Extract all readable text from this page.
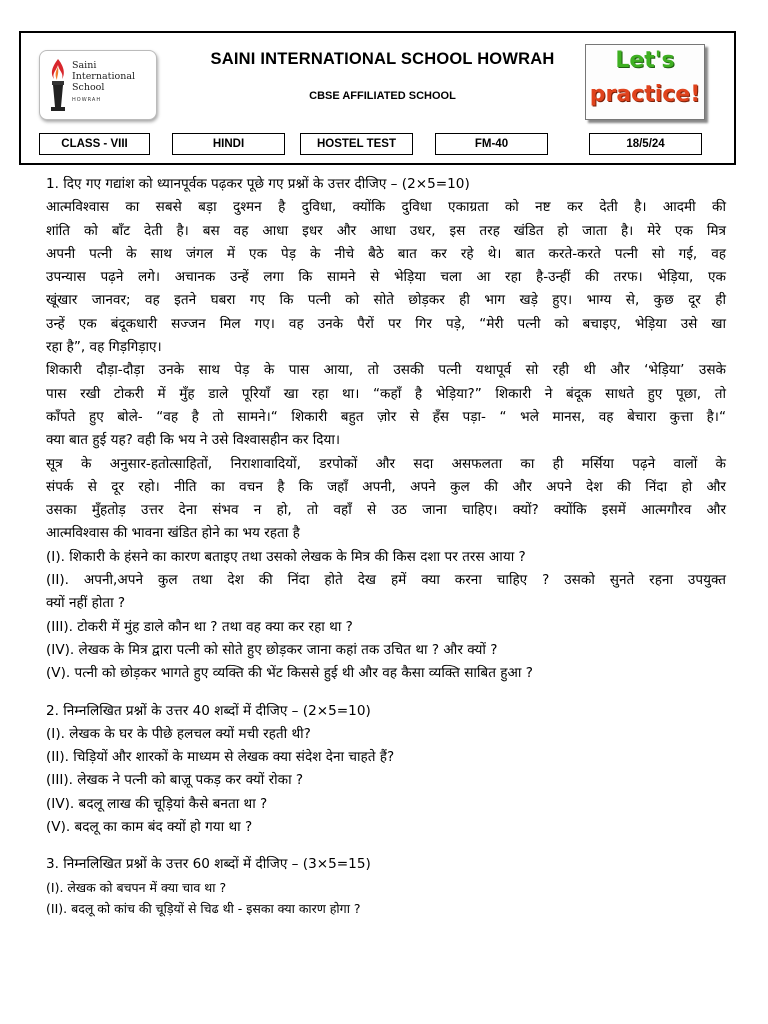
Saini
International
School
HOWRAH
SAINI INTERNATIONAL SCHOOL HOWRAH
CBSE AFFILIATED SCHOOL
Let's
practice!
CLASS - VIII	HINDI	HOSTEL TEST	FM-40	18/5/24
1. दिए गए गद्यांश को ध्यानपूर्वक पढ़कर पूछे गए प्रश्नों के उत्तर दीजिए – (2×5=10)
आत्मविश्वास का सबसे बड़ा दुश्मन है दुविधा, क्योंकि दुविधा एकाग्रता को नष्ट कर देती है। आदमी की
शांति को बाँट देती है। बस वह आधा इधर और आधा उधर, इस तरह खंडित हो जाता है। मेरे एक मित्र
अपनी पत्नी के साथ जंगल में एक पेड़ के नीचे बैठे बात कर रहे थे। बात करते-करते पत्नी सो गई, वह
उपन्यास पढ़ने लगे। अचानक उन्हें लगा कि सामने से भेड़िया चला आ रहा है-उन्हीं की तरफ। भेड़िया, एक
खूंखार जानवर; वह इतने घबरा गए कि पत्नी को सोते छोड़कर ही भाग खड़े हुए। भाग्य से, कुछ दूर ही
उन्हें एक बंदूकधारी सज्जन मिल गए। वह उनके पैरों पर गिर पड़े, “मेरी पत्नी को बचाइए, भेड़िया उसे खा
रहा है”, वह गिड़गिड़ाए।
शिकारी दौड़ा-दौड़ा उनके साथ पेड़ के पास आया, तो उसकी पत्नी यथापूर्व सो रही थी और ‘भेड़िया’ उसके
पास रखी टोकरी में मुँह डाले पूरियाँ खा रहा था। “कहाँ है भेड़िया?” शिकारी ने बंदूक साधते हुए पूछा, तो
काँपते हुए बोले- “वह है तो सामने।“ शिकारी बहुत ज़ोर से हँस पड़ा- “ भले मानस, वह बेचारा कुत्ता है।“
क्या बात हुई यह? वही कि भय ने उसे विश्वासहीन कर दिया।
सूत्र के अनुसार-हतोत्साहितों, निराशावादियों, डरपोकों और सदा असफलता का ही मर्सिया पढ़ने वालों के
संपर्क से दूर रहो। नीति का वचन है कि जहाँ अपनी, अपने कुल की और अपने देश की निंदा हो और
उसका मुँहतोड़ उत्तर देना संभव न हो, तो वहाँ से उठ जाना चाहिए। क्यों? क्योंकि इसमें आत्मगौरव और
आत्मविश्वास की भावना खंडित होने का भय रहता है
(I). शिकारी के हंसने का कारण बताइए तथा उसको लेखक के मित्र की किस दशा पर तरस आया ?
(II). अपनी,अपने कुल तथा देश की निंदा होते देख हमें क्या करना चाहिए ? उसको सुनते रहना उपयुक्त
क्यों नहीं होता ?
(III). टोकरी में मुंह डाले कौन था ? तथा वह क्या कर रहा था ?
(IV). लेखक के मित्र द्वारा पत्नी को सोते हुए छोड़कर जाना कहां तक उचित था ? और क्यों ?
(V). पत्नी को छोड़कर भागते हुए व्यक्ति की भेंट किससे हुई थी और वह कैसा व्यक्ति साबित हुआ ?
2. निम्नलिखित प्रश्नों के उत्तर 40 शब्दों में दीजिए – (2×5=10)
(I). लेखक के घर के पीछे हलचल क्यों मची रहती थी?
(II). चिड़ियों और शारकों के माध्यम से लेखक क्या संदेश देना चाहते हैं?
(III). लेखक ने पत्नी को बाज़ू पकड़ कर क्यों रोका ?
(IV). बदलू लाख की चूड़ियां कैसे बनता था ?
(V). बदलू का काम बंद क्यों हो गया था ?
3. निम्नलिखित प्रश्नों के उत्तर 60 शब्दों में दीजिए – (3×5=15)
(I). लेखक को बचपन में क्या चाव था ?
(II). बदलू को कांच की चूड़ियों से चिढ थी - इसका क्या कारण होगा ?
